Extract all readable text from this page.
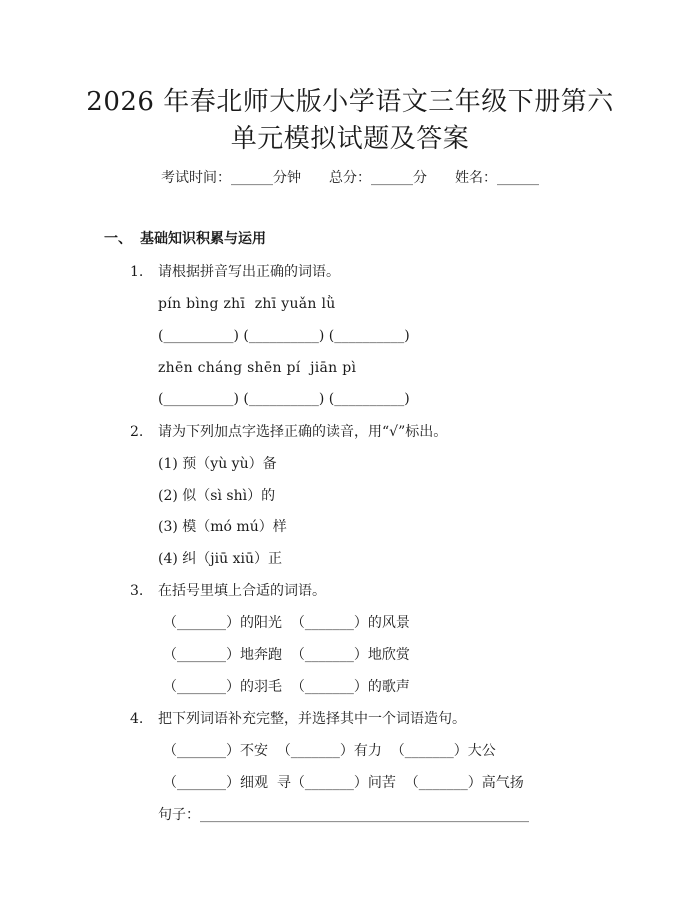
2026 年春北师大版小学语文三年级下册第六
单元模拟试题及答案
考试时间：______分钟 总分：______分 姓名：______
一、 基础知识积累与运用
1. 请根据拼音写出正确的词语。
pín bìng zhī  zhī yuǎn lǜ
(__________) (__________) (__________)
zhēn cháng shēn pí  jiān pì
(__________) (__________) (__________)
2. 请为下列加点字选择正确的读音，用“√”标出。
(1) 预（yù yù）备
(2) 似（sì shì）的
(3) 模（mó mú）样
(4) 纠（jiū xiū）正
3. 在括号里填上合适的词语。
（_______）的阳光  （_______）的风景
（_______）地奔跑  （_______）地欣赏
（_______）的羽毛  （_______）的歌声
4. 把下列词语补充完整，并选择其中一个词语造句。
（_______）不安  （_______）有力  （_______）大公
（_______）细观  寻（_______）问苦  （_______）高气扬
句子：_______________________________________________
